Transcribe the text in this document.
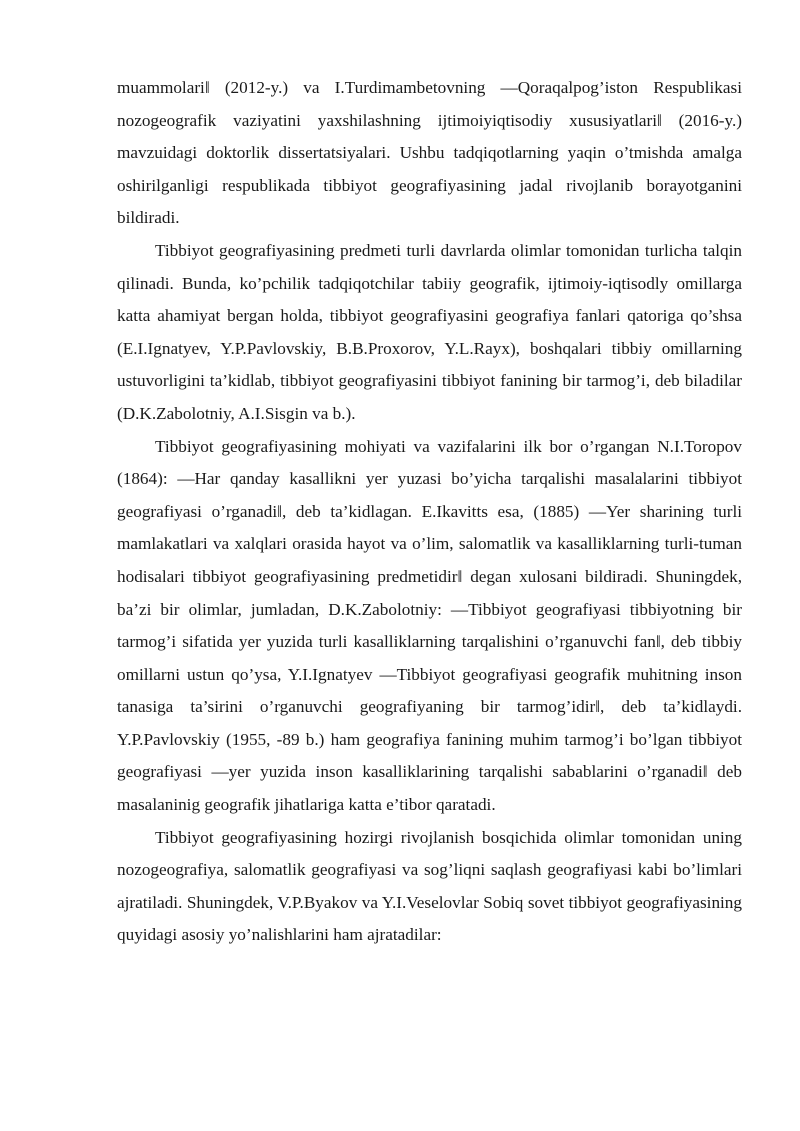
muammolari‖ (2012-y.) va I.Turdimambetovning ―Qoraqalpog’iston Respublikasi nozogeografik vaziyatini yaxshilashning ijtimoiyiqtisodiy xususiyatlari‖ (2016-y.) mavzuidagi doktorlik dissertatsiyalari. Ushbu tadqiqotlarning yaqin o’tmishda amalga oshirilganligi respublikada tibbiyot geografiyasining jadal rivojlanib borayotganini bildiradi.

Tibbiyot geografiyasining predmeti turli davrlarda olimlar tomonidan turlicha talqin qilinadi. Bunda, ko’pchilik tadqiqotchilar tabiiy geografik, ijtimoiy-iqtisodly omillarga katta ahamiyat bergan holda, tibbiyot geografiyasini geografiya fanlari qatoriga qo’shsa (E.I.Ignatyev, Y.P.Pavlovskiy, B.B.Proxorov, Y.L.Rayx), boshqalari tibbiy omillarning ustuvorligini ta’kidlab, tibbiyot geografiyasini tibbiyot fanining bir tarmog’i, deb biladilar (D.K.Zabolotniy, A.I.Sisgin va b.).

Tibbiyot geografiyasining mohiyati va vazifalarini ilk bor o’rgangan N.I.Toropov (1864): ―Har qanday kasallikni yer yuzasi bo’yicha tarqalishi masalalarini tibbiyot geografiyasi o’rganadi‖, deb ta’kidlagan. E.Ikavitts esa, (1885) ―Yer sharining turli mamlakatlari va xalqlari orasida hayot va o’lim, salomatlik va kasalliklarning turli-tuman hodisalari tibbiyot geografiyasining predmetidir‖ degan xulosani bildiradi. Shuningdek, ba’zi bir olimlar, jumladan, D.K.Zabolotniy: ―Tibbiyot geografiyasi tibbiyotning bir tarmog’i sifatida yer yuzida turli kasalliklarning tarqalishini o’rganuvchi fan‖, deb tibbiy omillarni ustun qo’ysa, Y.I.Ignatyev ―Tibbiyot geografiyasi geografik muhitning inson tanasiga ta’sirini o’rganuvchi geografiyaning bir tarmog’idir‖, deb ta’kidlaydi. Y.P.Pavlovskiy (1955, -89 b.) ham geografiya fanining muhim tarmog’i bo’lgan tibbiyot geografiyasi ―yer yuzida inson kasalliklarining tarqalishi sabablarini o’rganadi‖ deb masalaninig geografik jihatlariga katta e’tibor qaratadi.

Tibbiyot geografiyasining hozirgi rivojlanish bosqichida olimlar tomonidan uning nozogeografiya, salomatlik geografiyasi va sog’liqni saqlash geografiyasi kabi bo’limlari ajratiladi. Shuningdek, V.P.Byakov va Y.I.Veselovlar Sobiq sovet tibbiyot geografiyasining quyidagi asosiy yo’nalishlarini ham ajratadilar:
